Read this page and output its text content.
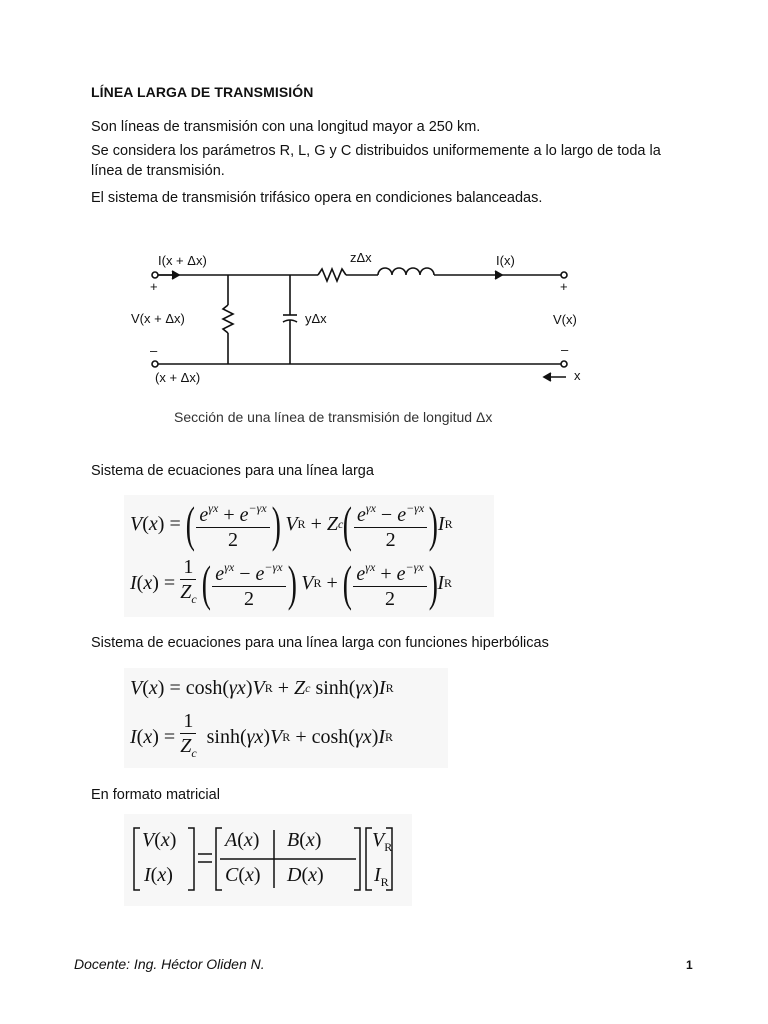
LÍNEA LARGA DE TRANSMISIÓN
Son líneas de transmisión con una longitud mayor a 250 km.
Se considera los parámetros R, L, G y C distribuidos uniformemente a lo largo de toda la línea de transmisión.
El sistema de transmisión trifásico opera en condiciones balanceadas.
I(x + Δx)	zΔx	I(x)
+	+
V(x + Δx)	yΔx	V(x)
–	–
(x + Δx)	x
Sección de una línea de transmisión de longitud Δx
Sistema de ecuaciones para una línea larga
V ( x ) = ( $\frac{e^{\gamma x} + e^{-\gamma x}}{2}$ ) V R + Z c ( $\frac{e^{\gamma x} - e^{-\gamma x}}{2}$ ) I R
I ( x ) = $\frac{1}{Z_c}$ ( $\frac{e^{\gamma x} - e^{-\gamma x}}{2}$ ) V R + ( $\frac{e^{\gamma x} + e^{-\gamma x}}{2}$ ) I R
Sistema de ecuaciones para una línea larga con funciones hiperbólicas
V ( x ) = cosh( γx ) V R + Z c sinh( γx ) I R
I ( x ) = $\frac{1}{Z_c} \sinh$( γx ) V R + cosh( γx ) I R
En formato matricial
V(x)
I(x)
A(x) B(x)
C(x) D(x)
$V_R$
$I_R$
Docente: Ing. Héctor Oliden N.	1
